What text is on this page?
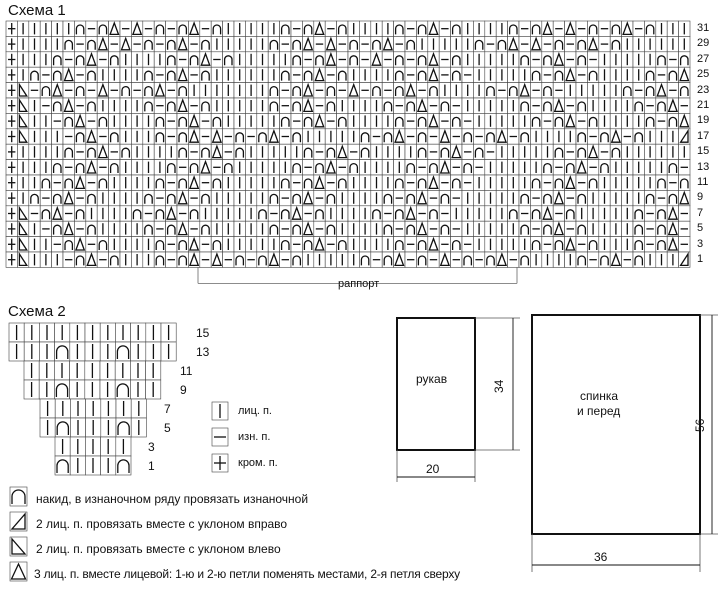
Схема 1
Схема 2
31
29
27
25
23
21
19
17
15
13
11
9
7
5
3
1
раппорт
15
13
11
9
7
5
3
1
лиц. п.
изн. п.
кром. п.
накид, в изнаночном ряду провязать изнаночной
2 лиц. п. провязать вместе с уклоном вправо
2 лиц. п. провязать вместе с уклоном влево
3 лиц. п. вместе лицевой: 1-ю и 2-ю петли поменять местами, 2-я петля сверху
рукав
20
34
спинка
и перед
36
56
